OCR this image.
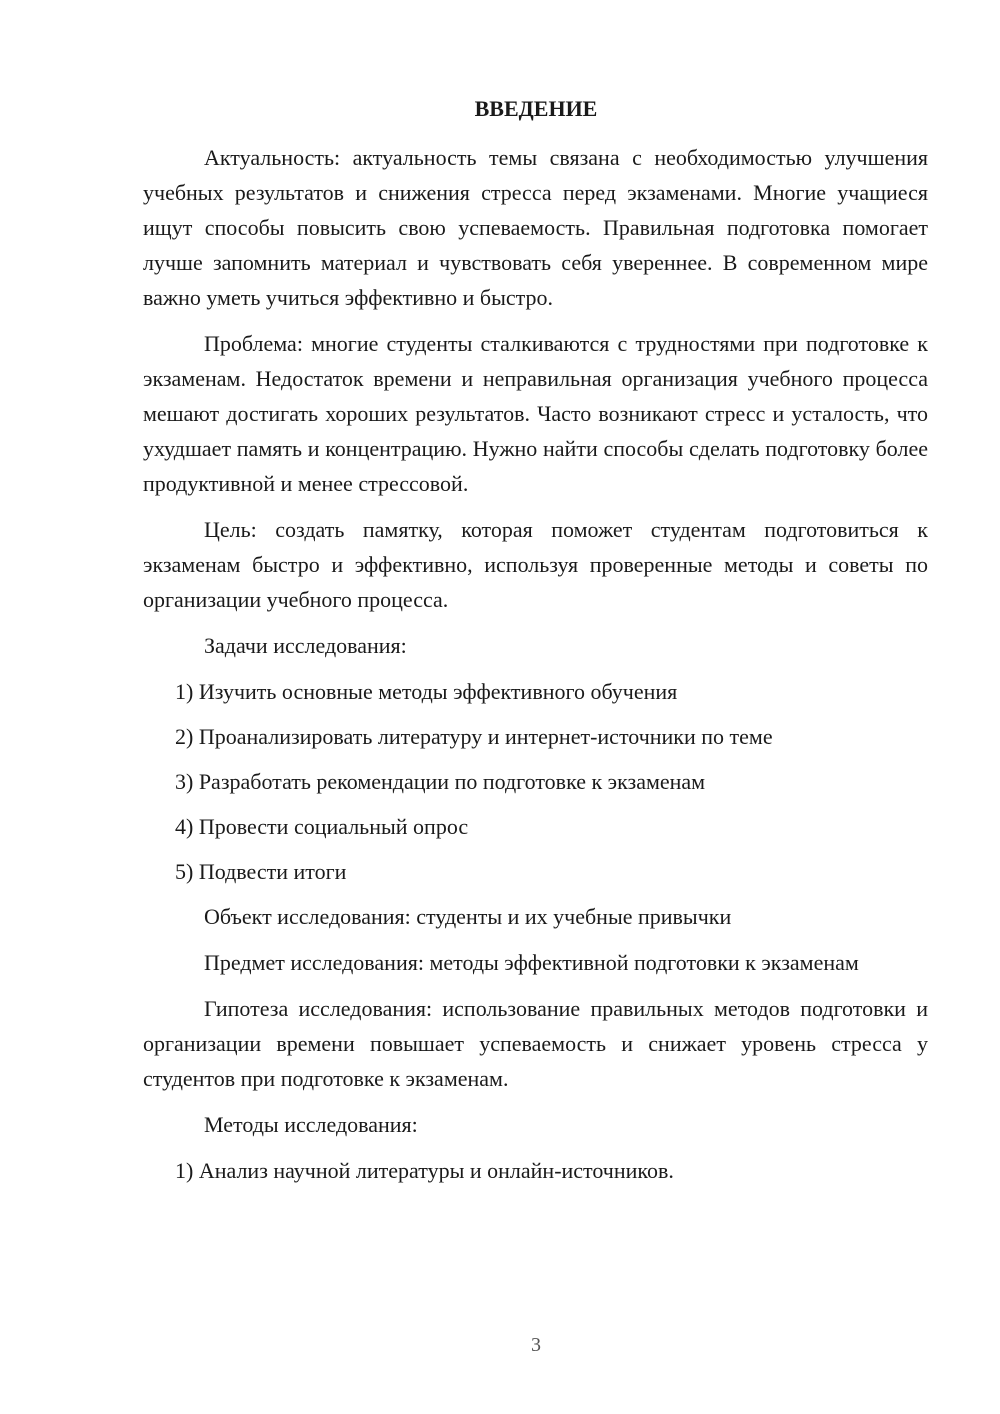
ВВЕДЕНИЕ

Актуальность: актуальность темы связана с необходимостью улучшения учебных результатов и снижения стресса перед экзаменами. Многие учащиеся ищут способы повысить свою успеваемость. Правильная подготовка помогает лучше запомнить материал и чувствовать себя увереннее. В современном мире важно уметь учиться эффективно и быстро.

Проблема: многие студенты сталкиваются с трудностями при подготовке к экзаменам. Недостаток времени и неправильная организация учебного процесса мешают достигать хороших результатов. Часто возникают стресс и усталость, что ухудшает память и концентрацию. Нужно найти способы сделать подготовку более продуктивной и менее стрессовой.

Цель: создать памятку, которая поможет студентам подготовиться к экзаменам быстро и эффективно, используя проверенные методы и советы по организации учебного процесса.

Задачи исследования:

1) Изучить основные методы эффективного обучения
2) Проанализировать литературу и интернет-источники по теме
3) Разработать рекомендации по подготовке к экзаменам
4) Провести социальный опрос
5) Подвести итоги

Объект исследования: студенты и их учебные привычки

Предмет исследования: методы эффективной подготовки к экзаменам

Гипотеза исследования: использование правильных методов подготовки и организации времени повышает успеваемость и снижает уровень стресса у студентов при подготовке к экзаменам.

Методы исследования:

1) Анализ научной литературы и онлайн-источников.
3
